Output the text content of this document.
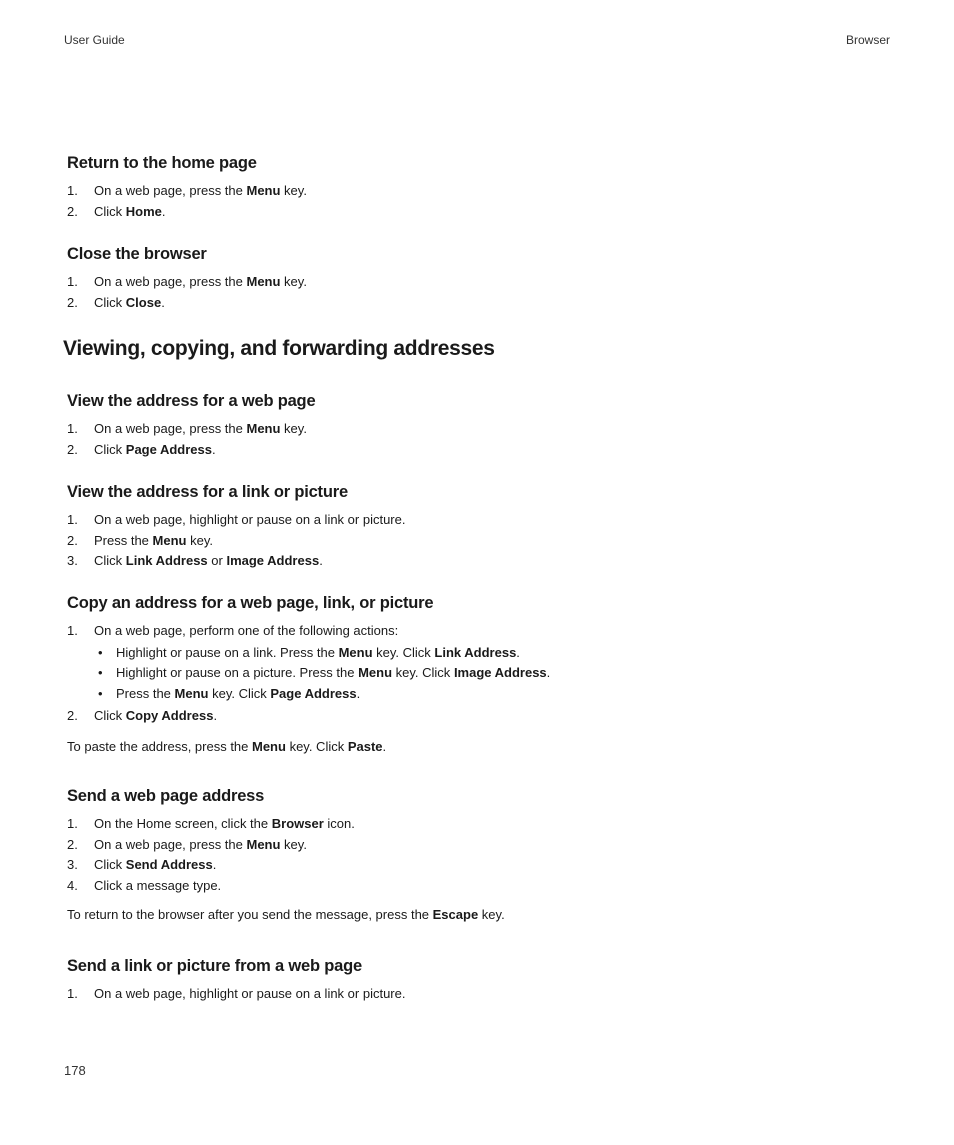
User Guide	Browser
Return to the home page
1. On a web page, press the Menu key.
2. Click Home.
Close the browser
1. On a web page, press the Menu key.
2. Click Close.
Viewing, copying, and forwarding addresses
View the address for a web page
1. On a web page, press the Menu key.
2. Click Page Address.
View the address for a link or picture
1. On a web page, highlight or pause on a link or picture.
2. Press the Menu key.
3. Click Link Address or Image Address.
Copy an address for a web page, link, or picture
1. On a web page, perform one of the following actions:
• Highlight or pause on a link. Press the Menu key. Click Link Address.
• Highlight or pause on a picture. Press the Menu key. Click Image Address.
• Press the Menu key. Click Page Address.
2. Click Copy Address.

To paste the address, press the Menu key. Click Paste.

Send a web page address
1. On the Home screen, click the Browser icon.
2. On a web page, press the Menu key.
3. Click Send Address.
4. Click a message type.

To return to the browser after you send the message, press the Escape key.

Send a link or picture from a web page
1. On a web page, highlight or pause on a link or picture.
178
